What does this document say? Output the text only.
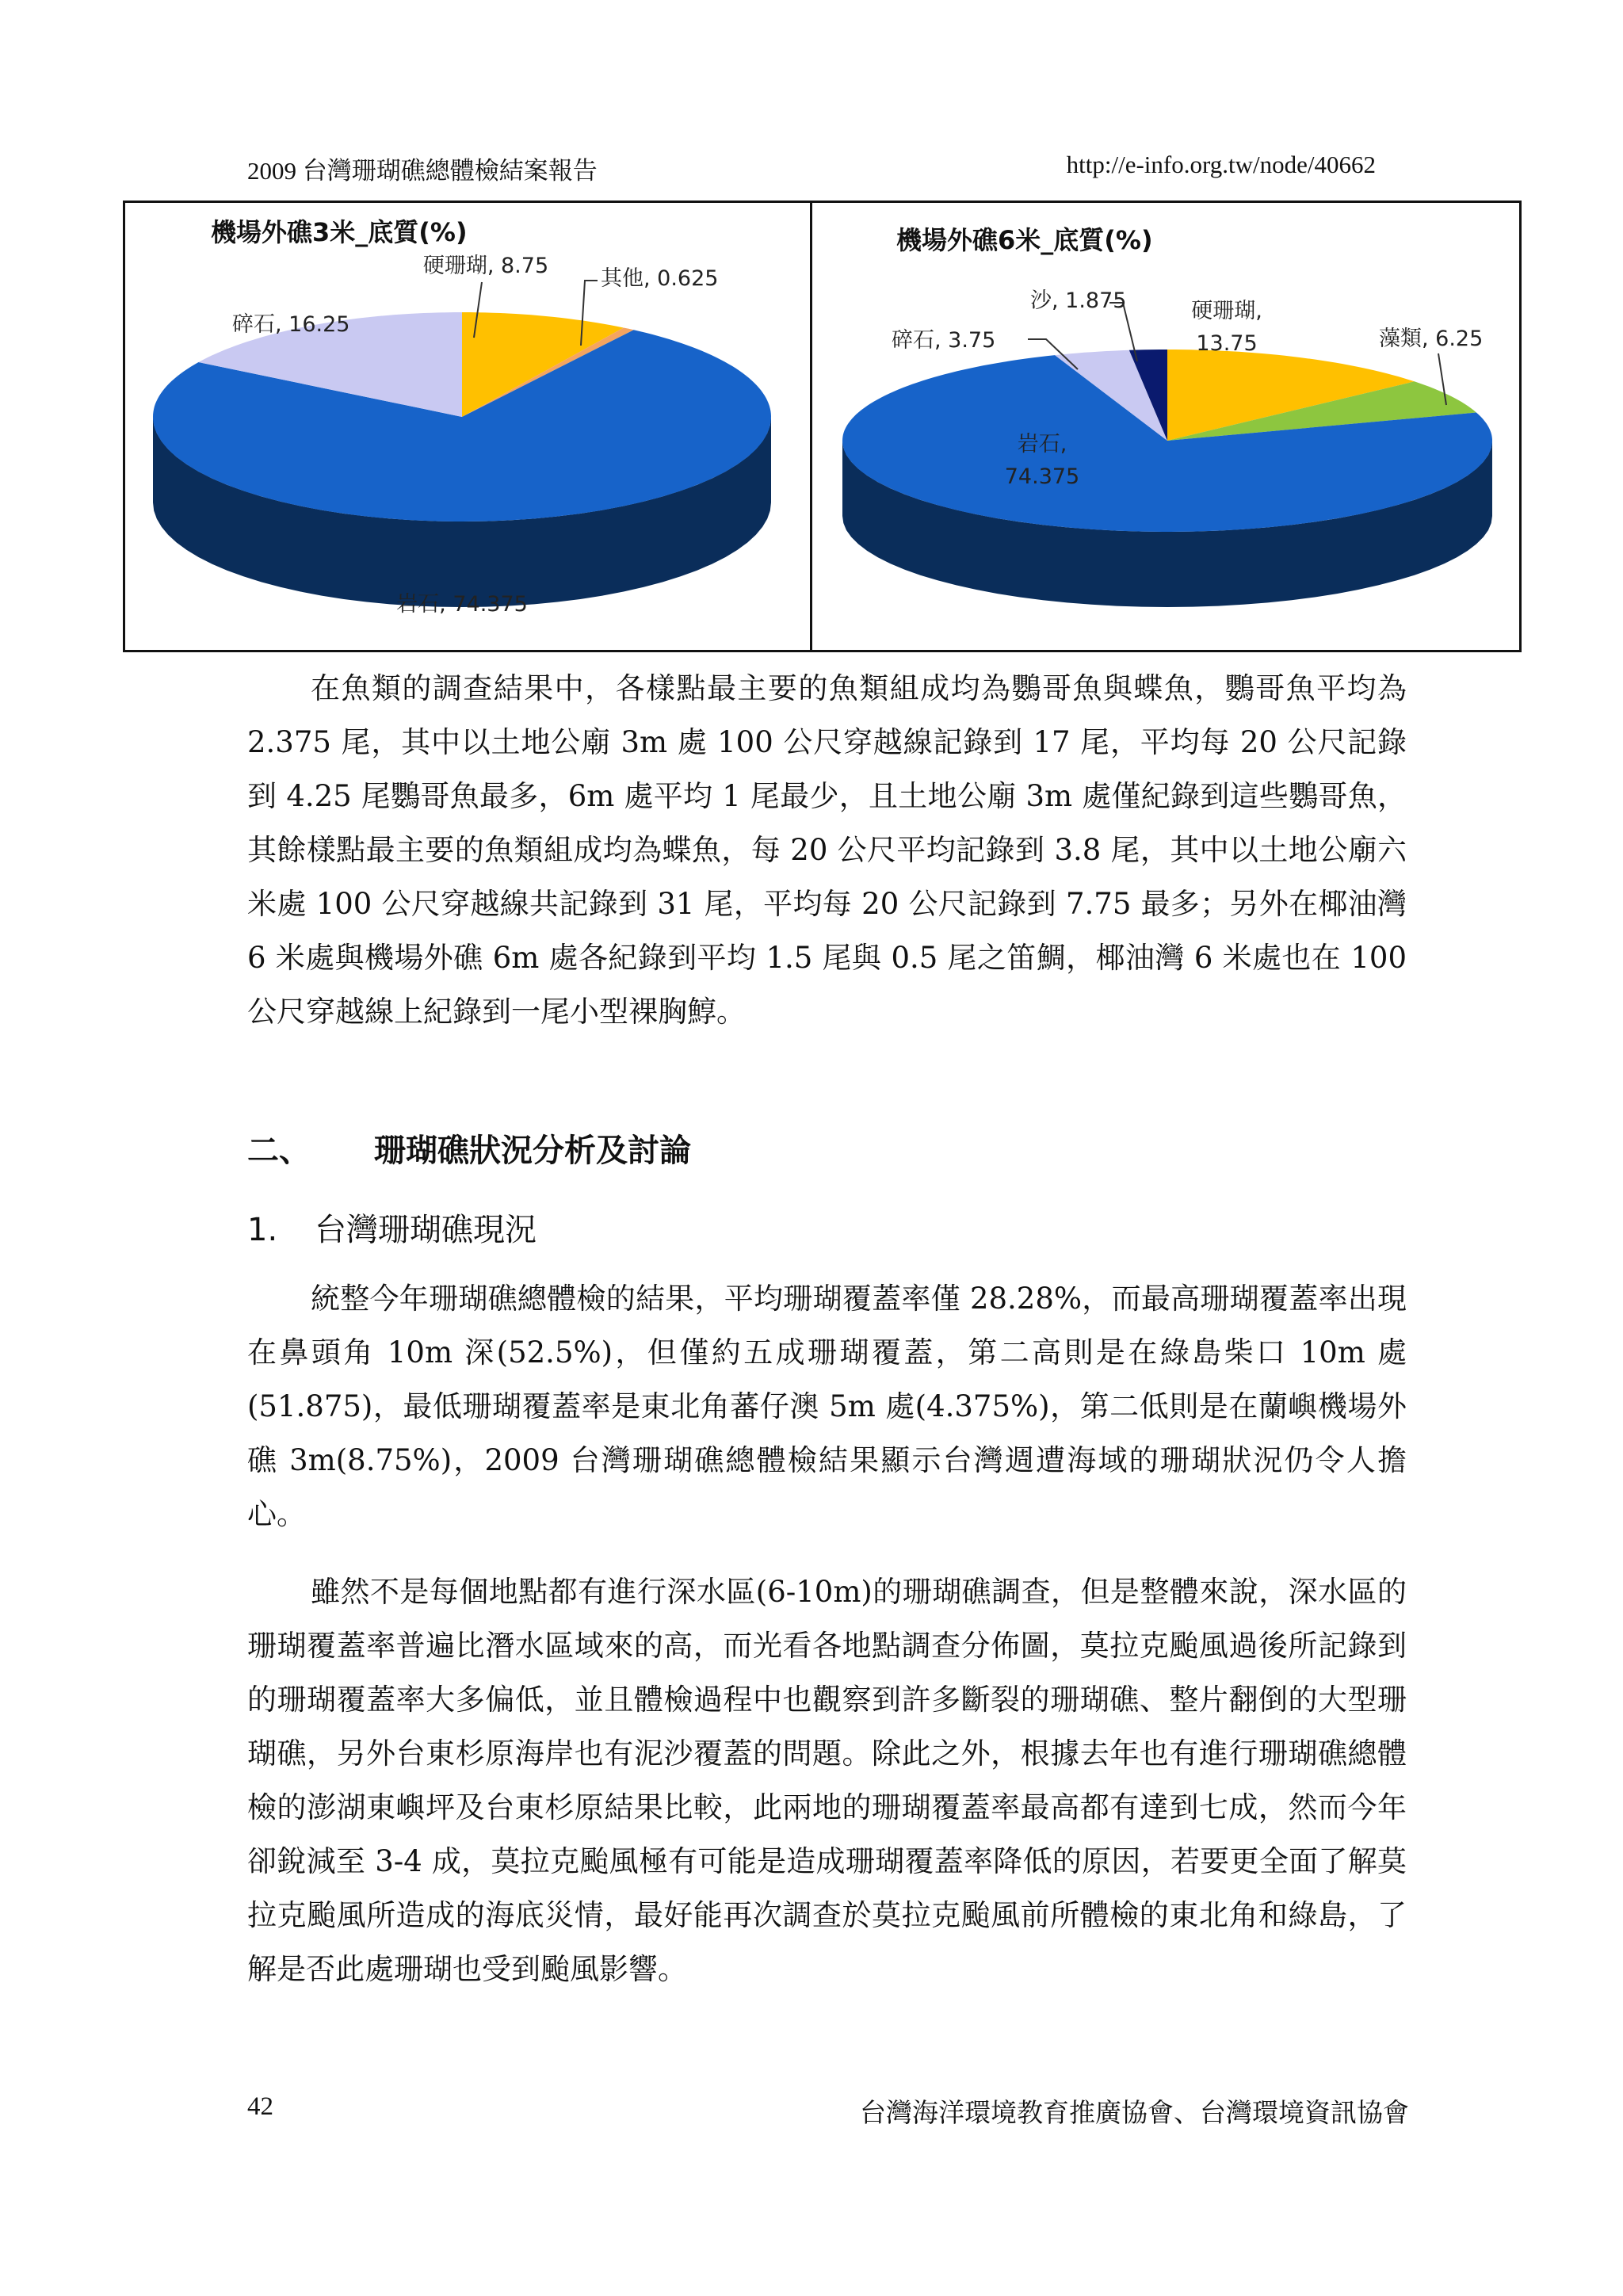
2009 台灣珊瑚礁總體檢結案報告	http://e-info.org.tw/node/40662
機場外礁3米_底質(%)
硬珊瑚, 8.75
其他, 0.625
岩石, 74.375
碎石, 16.25
機場外礁6米_底質(%)
硬珊瑚,
13.75	藻類, 6.25
岩石,
74.375
碎石, 3.75
沙, 1.875

在魚類的調查結果中，各樣點最主要的魚類組成均為鸚哥魚與蝶魚，鸚哥魚平均為 2.375 尾，其中以土地公廟 3m 處 100 公尺穿越線記錄到 17 尾，平均每 20 公尺記錄到 4.25 尾鸚哥魚最多，6m 處平均 1 尾最少，且土地公廟 3m 處僅紀錄到這些鸚哥魚，其餘樣點最主要的魚類組成均為蝶魚，每 20 公尺平均記錄到 3.8 尾，其中以土地公廟六米處 100 公尺穿越線共記錄到 31 尾，平均每 20 公尺記錄到 7.75 最多；另外在椰油灣 6 米處與機場外礁 6m 處各紀錄到平均 1.5 尾與 0.5 尾之笛鯛，椰油灣 6 米處也在 100 公尺穿越線上紀錄到一尾小型裸胸鯙。

二、 珊瑚礁狀況分析及討論
1. 台灣珊瑚礁現況

統整今年珊瑚礁總體檢的結果，平均珊瑚覆蓋率僅 28.28%，而最高珊瑚覆蓋率出現在鼻頭角 10m 深(52.5%)，但僅約五成珊瑚覆蓋，第二高則是在綠島柴口 10m 處(51.875)，最低珊瑚覆蓋率是東北角蕃仔澳 5m 處(4.375%)，第二低則是在蘭嶼機場外礁 3m(8.75%)，2009 台灣珊瑚礁總體檢結果顯示台灣週遭海域的珊瑚狀況仍令人擔心。

雖然不是每個地點都有進行深水區(6-10m)的珊瑚礁調查，但是整體來說，深水區的珊瑚覆蓋率普遍比潛水區域來的高，而光看各地點調查分佈圖，莫拉克颱風過後所記錄到的珊瑚覆蓋率大多偏低，並且體檢過程中也觀察到許多斷裂的珊瑚礁、整片翻倒的大型珊瑚礁，另外台東杉原海岸也有泥沙覆蓋的問題。除此之外，根據去年也有進行珊瑚礁總體檢的澎湖東嶼坪及台東杉原結果比較，此兩地的珊瑚覆蓋率最高都有達到七成，然而今年卻銳減至 3-4 成，莫拉克颱風極有可能是造成珊瑚覆蓋率降低的原因，若要更全面了解莫拉克颱風所造成的海底災情，最好能再次調查於莫拉克颱風前所體檢的東北角和綠島，了解是否此處珊瑚也受到颱風影響。

42	台灣海洋環境教育推廣協會、台灣環境資訊協會
